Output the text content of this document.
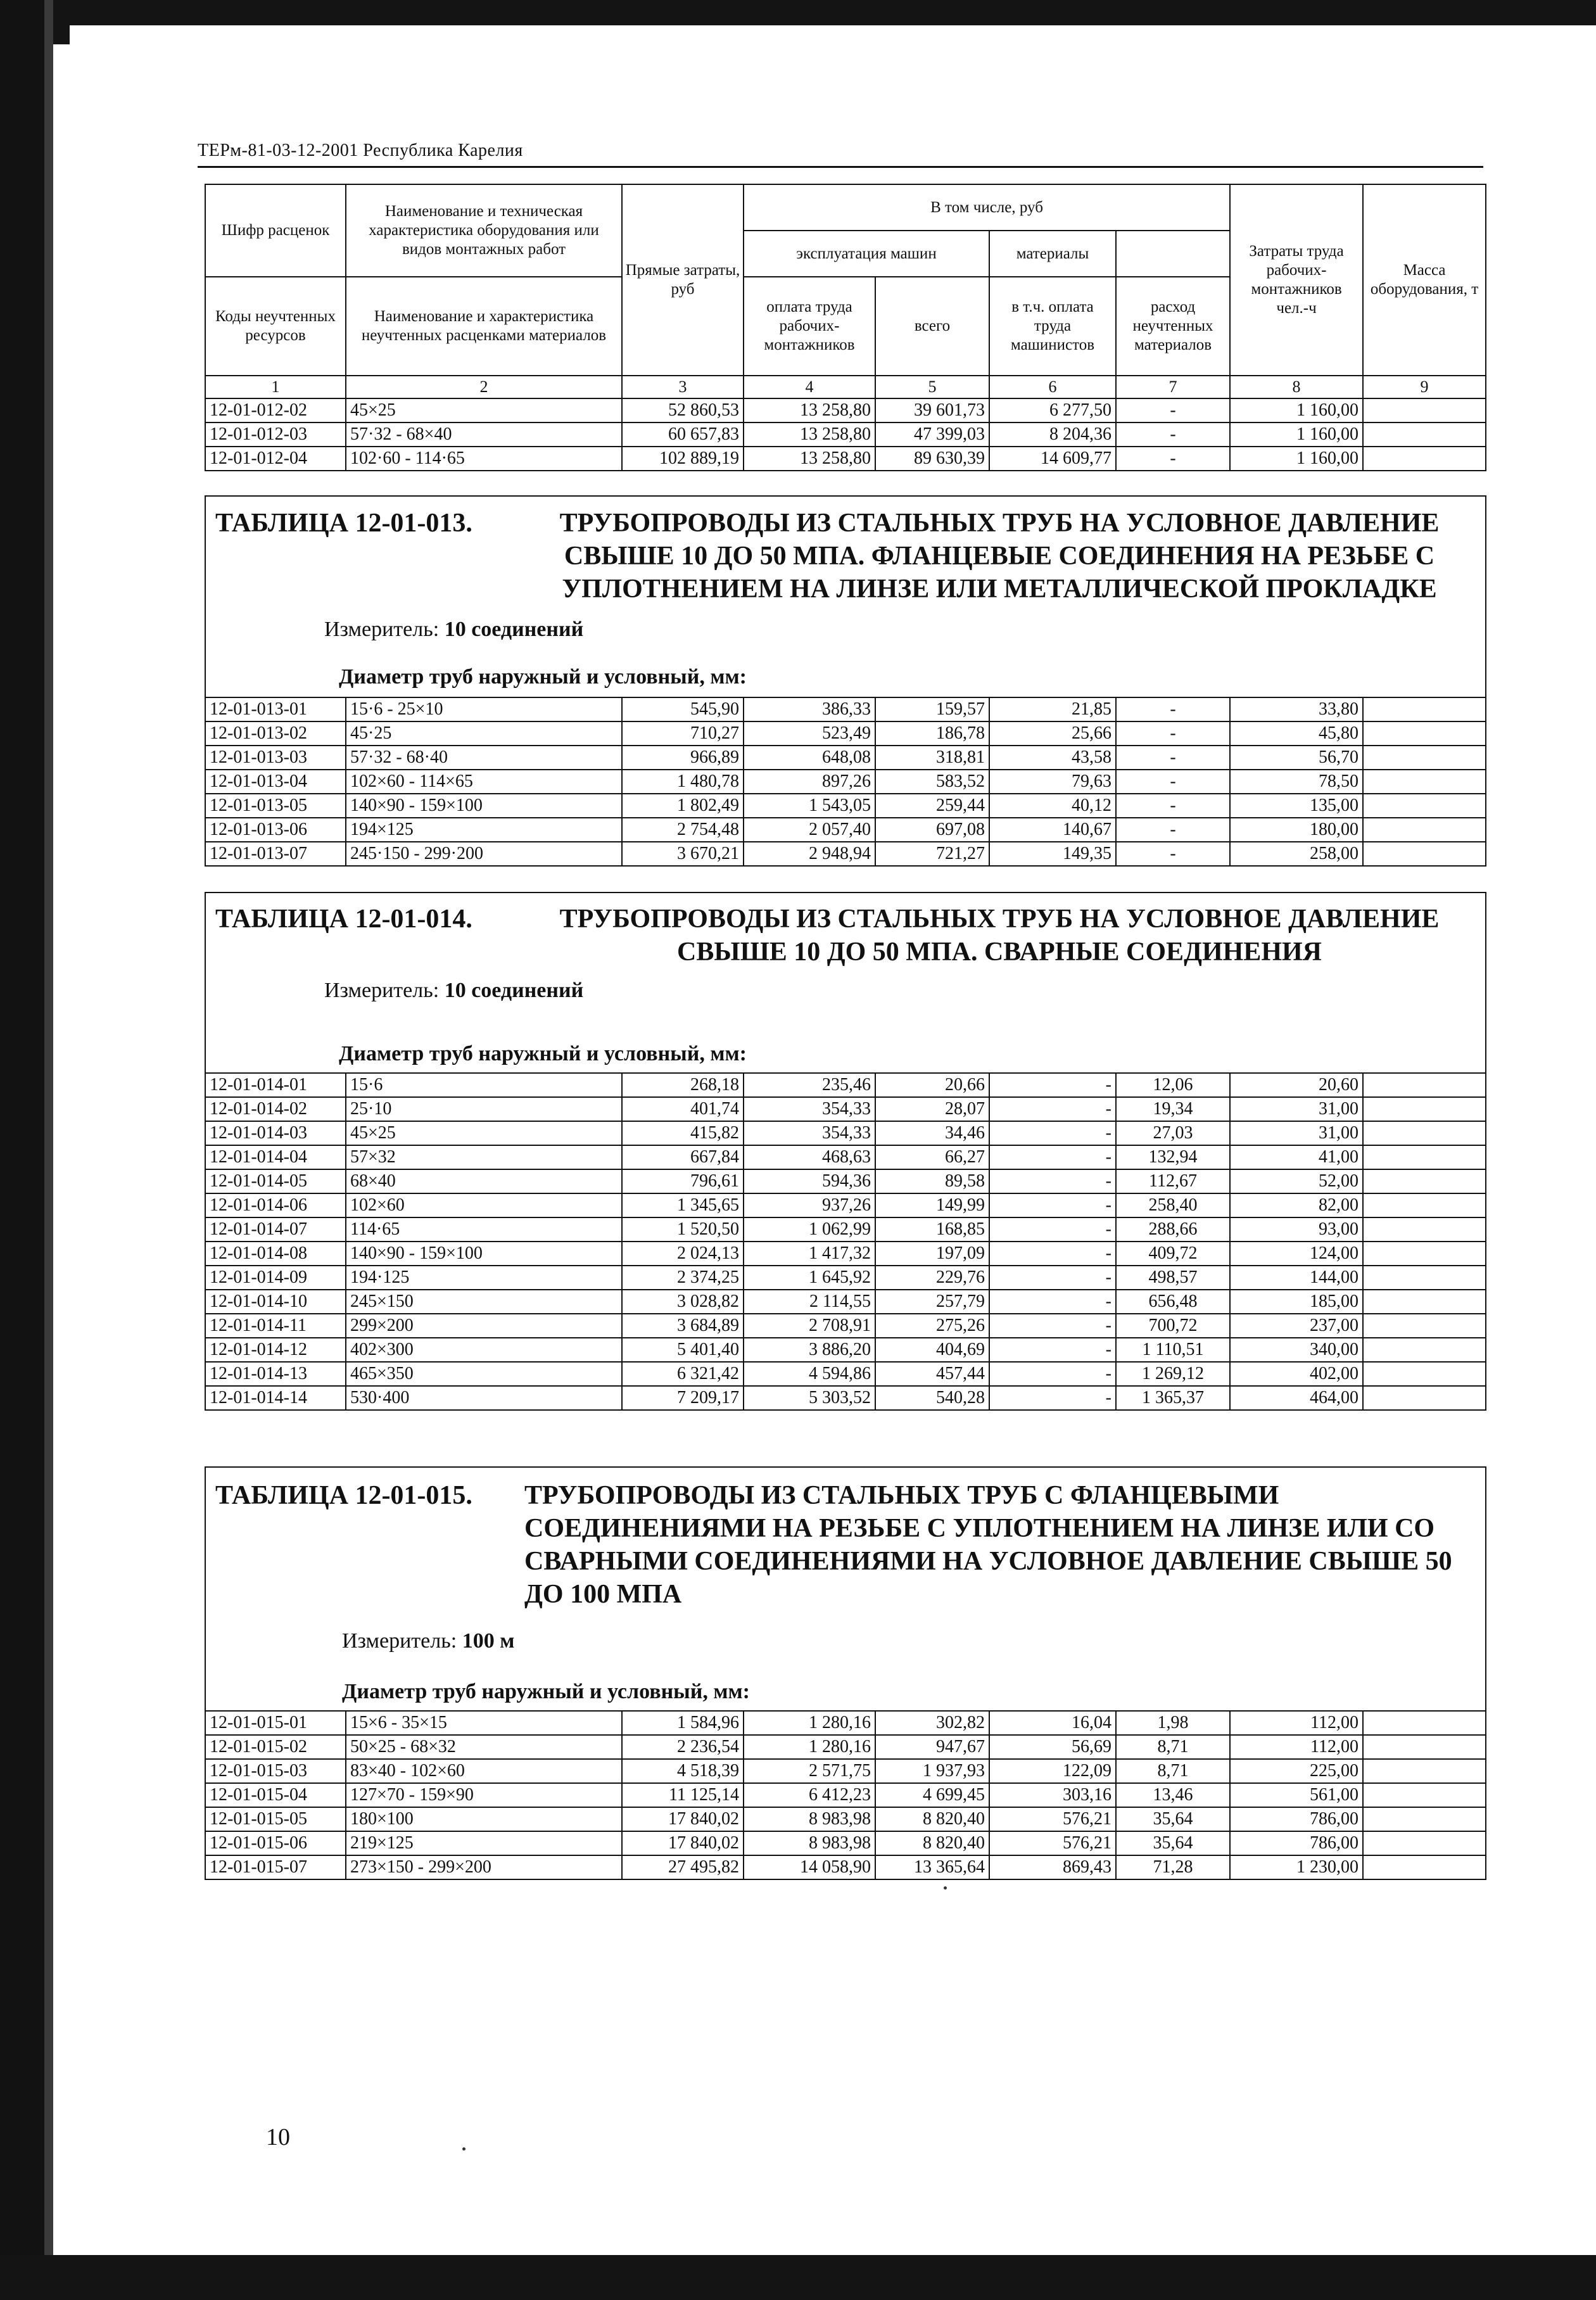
ТЕРм-81-03-12-2001 Республика Карелия
Шифр расценок	Наименование и техническая характеристика оборудования или видов монтажных работ	Прямые затраты, руб	В том числе, руб				Затраты труда рабочих-монтажников чел.-ч	Масса оборудования, т
			эксплуатация машин		материалы			
Коды неучтенных ресурсов	Наименование и характеристика неучтенных расценками материалов		оплата труда рабочих-монтажников	всего	в т.ч. оплата труда машинистов	расход неучтенных материалов		

1	2	3	4	5	6	7	8	9
12-01-012-02	45×25	52 860,53	13 258,80	39 601,73	6 277,50	-	1 160,00	
12-01-012-03	57·32 - 68×40	60 657,83	13 258,80	47 399,03	8 204,36	-	1 160,00	
12-01-012-04	102·60 - 114·65	102 889,19	13 258,80	89 630,39	14 609,77	-	1 160,00	
ТАБЛИЦА 12-01-013.	ТРУБОПРОВОДЫ ИЗ СТАЛЬНЫХ ТРУБ НА УСЛОВНОЕ ДАВЛЕНИЕ СВЫШЕ 10 ДО 50 МПА. ФЛАНЦЕВЫЕ СОЕДИНЕНИЯ НА РЕЗЬБЕ С УПЛОТНЕНИЕМ НА ЛИНЗЕ ИЛИ МЕТАЛЛИЧЕСКОЙ ПРОКЛАДКЕ
Измеритель: 10 соединений
Диаметр труб наружный и условный, мм:
12-01-013-01	15·6 - 25×10	545,90	386,33	159,57	21,85	-	33,80	
12-01-013-02	45·25	710,27	523,49	186,78	25,66	-	45,80	
12-01-013-03	57·32 - 68·40	966,89	648,08	318,81	43,58	-	56,70	
12-01-013-04	102×60 - 114×65	1 480,78	897,26	583,52	79,63	-	78,50	
12-01-013-05	140×90 - 159×100	1 802,49	1 543,05	259,44	40,12	-	135,00	
12-01-013-06	194×125	2 754,48	2 057,40	697,08	140,67	-	180,00	
12-01-013-07	245·150 - 299·200	3 670,21	2 948,94	721,27	149,35	-	258,00	
ТАБЛИЦА 12-01-014.	ТРУБОПРОВОДЫ ИЗ СТАЛЬНЫХ ТРУБ НА УСЛОВНОЕ ДАВЛЕНИЕ СВЫШЕ 10 ДО 50 МПА. СВАРНЫЕ СОЕДИНЕНИЯ
Измеритель: 10 соединений
Диаметр труб наружный и условный, мм:
12-01-014-01	15·6	268,18	235,46	20,66	-	12,06	20,60	
12-01-014-02	25·10	401,74	354,33	28,07	-	19,34	31,00	
12-01-014-03	45×25	415,82	354,33	34,46	-	27,03	31,00	
12-01-014-04	57×32	667,84	468,63	66,27	-	132,94	41,00	
12-01-014-05	68×40	796,61	594,36	89,58	-	112,67	52,00	
12-01-014-06	102×60	1 345,65	937,26	149,99	-	258,40	82,00	
12-01-014-07	114·65	1 520,50	1 062,99	168,85	-	288,66	93,00	
12-01-014-08	140×90 - 159×100	2 024,13	1 417,32	197,09	-	409,72	124,00	
12-01-014-09	194·125	2 374,25	1 645,92	229,76	-	498,57	144,00	
12-01-014-10	245×150	3 028,82	2 114,55	257,79	-	656,48	185,00	
12-01-014-11	299×200	3 684,89	2 708,91	275,26	-	700,72	237,00	
12-01-014-12	402×300	5 401,40	3 886,20	404,69	-	1 110,51	340,00	
12-01-014-13	465×350	6 321,42	4 594,86	457,44	-	1 269,12	402,00	
12-01-014-14	530·400	7 209,17	5 303,52	540,28	-	1 365,37	464,00	
ТАБЛИЦА 12-01-015. ТРУБОПРОВОДЫ ИЗ СТАЛЬНЫХ ТРУБ С ФЛАНЦЕВЫМИ СОЕДИНЕНИЯМИ НА РЕЗЬБЕ С УПЛОТНЕНИЕМ НА ЛИНЗЕ ИЛИ СО СВАРНЫМИ СОЕДИНЕНИЯМИ НА УСЛОВНОЕ ДАВЛЕНИЕ СВЫШЕ 50 ДО 100 МПА
Измеритель: 100 м
Диаметр труб наружный и условный, мм:
12-01-015-01	15×6 - 35×15	1 584,96	1 280,16	302,82	16,04	1,98	112,00	
12-01-015-02	50×25 - 68×32	2 236,54	1 280,16	947,67	56,69	8,71	112,00	
12-01-015-03	83×40 - 102×60	4 518,39	2 571,75	1 937,93	122,09	8,71	225,00	
12-01-015-04	127×70 - 159×90	11 125,14	6 412,23	4 699,45	303,16	13,46	561,00	
12-01-015-05	180×100	17 840,02	8 983,98	8 820,40	576,21	35,64	786,00	
12-01-015-06	219×125	17 840,02	8 983,98	8 820,40	576,21	35,64	786,00	
12-01-015-07	273×150 - 299×200	27 495,82	14 058,90	13 365,64	869,43	71,28	1 230,00	
10
